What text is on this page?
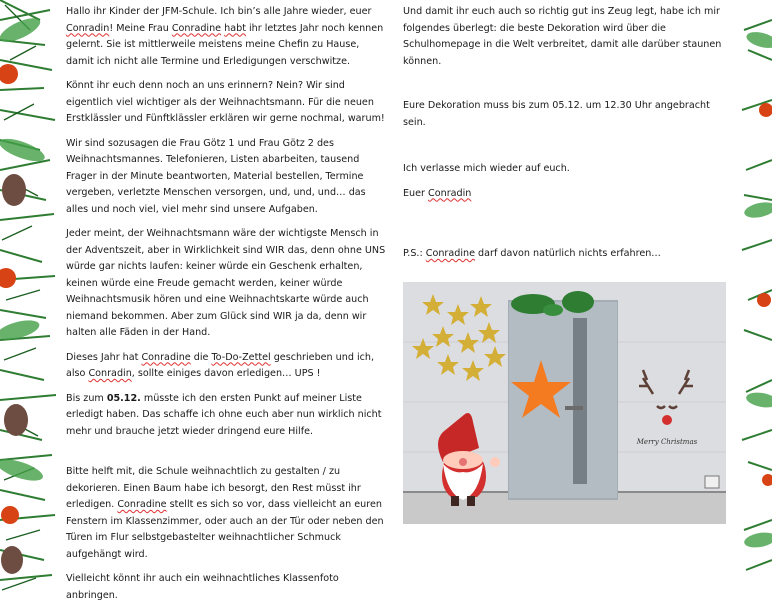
Hallo ihr Kinder der JFM-Schule. Ich bin’s alle Jahre wieder, euer Conradin! Meine Frau Conradine habt ihr letztes Jahr noch kennen gelernt. Sie ist mittlerweile meistens meine Chefin zu Hause, damit ich nicht alle Termine und Erledigungen verschwitze.

Könnt ihr euch denn noch an uns erinnern? Nein? Wir sind eigentlich viel wichtiger als der Weihnachtsmann. Für die neuen Erstklässler und Fünftklässler erklären wir gerne nochmal, warum!

Wir sind sozusagen die Frau Götz 1 und Frau Götz 2 des Weihnachtsmannes. Telefonieren, Listen abarbeiten, tausend Frager in der Minute beantworten, Material bestellen, Termine vergeben, verletzte Menschen versorgen, und, und, und… das alles und noch viel, viel mehr sind unsere Aufgaben.

Jeder meint, der Weihnachtsmann wäre der wichtigste Mensch in der Adventszeit, aber in Wirklichkeit sind WIR das, denn ohne UNS würde gar nichts laufen: keiner würde ein Geschenk erhalten, keinen würde eine Freude gemacht werden, keiner würde Weihnachtsmusik hören und eine Weihnachtskarte würde auch niemand bekommen. Aber zum Glück sind WIR ja da, denn wir halten alle Fäden in der Hand.

Dieses Jahr hat Conradine die To-Do-Zettel geschrieben und ich, also Conradin, sollte einiges davon erledigen… UPS !

Bis zum 05.12. müsste ich den ersten Punkt auf meiner Liste erledigt haben. Das schaffe ich ohne euch aber nun wirklich nicht mehr und brauche jetzt wieder dringend eure Hilfe.

Bitte helft mit, die Schule weihnachtlich zu gestalten / zu dekorieren. Einen Baum habe ich besorgt, den Rest müsst ihr erledigen. Conradine stellt es sich so vor, dass vielleicht an euren Fenstern im Klassenzimmer, oder auch an der Tür oder neben den Türen im Flur selbstgebastelter weihnachtlicher Schmuck aufgehängt wird.

Vielleicht könnt ihr auch ein weihnachtliches Klassenfoto anbringen.

Und damit ihr euch auch so richtig gut ins Zeug legt, habe ich mir folgendes überlegt: die beste Dekoration wird über die Schulhomepage in die Welt verbreitet, damit alle darüber staunen können.

Eure Dekoration muss bis zum 05.12. um 12.30 Uhr angebracht sein.

Ich verlasse mich wieder auf euch.

Euer Conradin

P.S.: Conradine darf davon natürlich nichts erfahren…

Merry Christmas
